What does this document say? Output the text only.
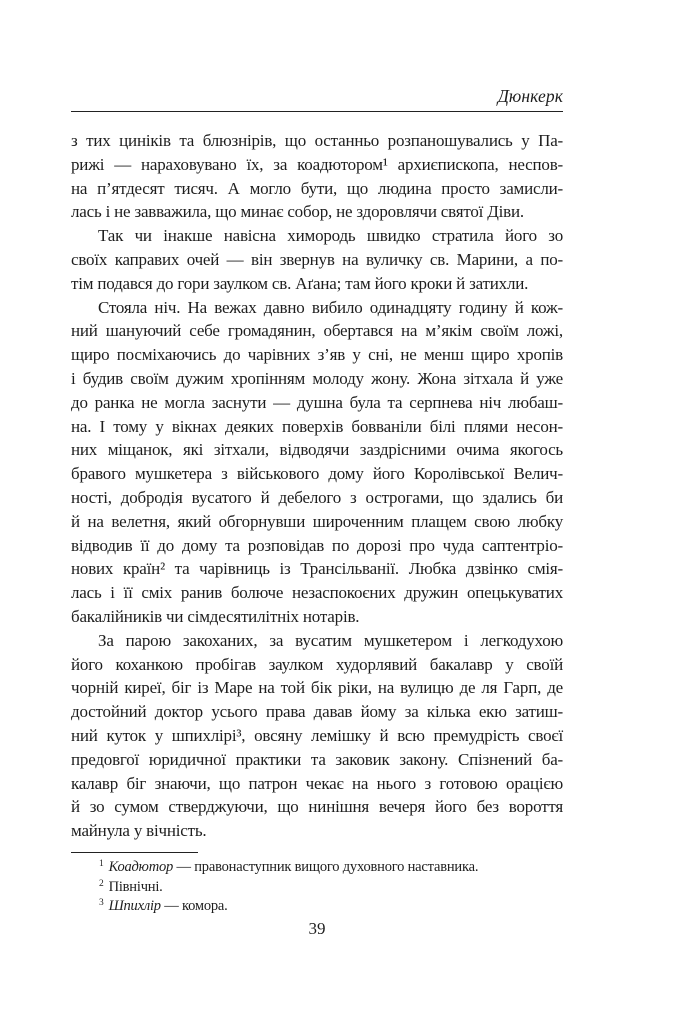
Дюнкерк
з тих циніків та блюзнірів, що останньо розпаношувались у Па-
рижі — нараховувано їх, за коадютором¹ архиєпископа, неспов-
на п’ятдесят тисяч. А могло бути, що людина просто замисли-
лась і не завважила, що минає собор, не здоровлячи святої Діви.
Так чи інакше навісна химородь швидко стратила його зо
своїх каправих очей — він звернув на вуличку св. Марини, а по-
тім подався до гори заулком св. Аґана; там його кроки й затихли.
Стояла ніч. На вежах давно вибило одинадцяту годину й кож-
ний шануючий себе громадянин, обертався на м’якім своїм ложі,
щиро посміхаючись до чарівних з’яв у сні, не менш щиро хропів
і будив своїм дужим хропінням молоду жону. Жона зітхала й уже
до ранка не могла заснути — душна була та серпнева ніч любаш-
на. І тому у вікнах деяких поверхів бовваніли білі плями несон-
них міщанок, які зітхали, відводячи заздрісними очима якогось
бравого мушкетера з військового дому його Королівської Велич-
ності, добродія вусатого й дебелого з острогами, що здались би
й на велетня, який обгорнувши широченним плащем свою любку
відводив її до дому та розповідав по дорозі про чуда саптентріо-
нових країн² та чарівниць із Трансільванії. Любка дзвінко смія-
лась і її сміх ранив болюче незаспокоєних дружин опецькуватих
бакалійників чи сімдесятилітніх нотарів.
За парою закоханих, за вусатим мушкетером і легкодухою
його коханкою пробігав заулком худорлявий бакалавр у своїй
чорній киреї, біг із Маре на той бік ріки, на вулицю де ля Гарп, де
достойний доктор усього права давав йому за кілька екю затиш-
ний куток у шпихлірі³, овсяну лемішку й всю премудрість своєї
предовгої юридичної практики та заковик закону. Спізнений ба-
калавр біг знаючи, що патрон чекає на нього з готовою орацією
й зо сумом стверджуючи, що нинішня вечеря його без вороття
майнула у вічність.
$^1$ Коадютор — правонаступник вищого духовного наставника.
$^2$ Північні.
$^3$ Шпихлір — комора.
39
